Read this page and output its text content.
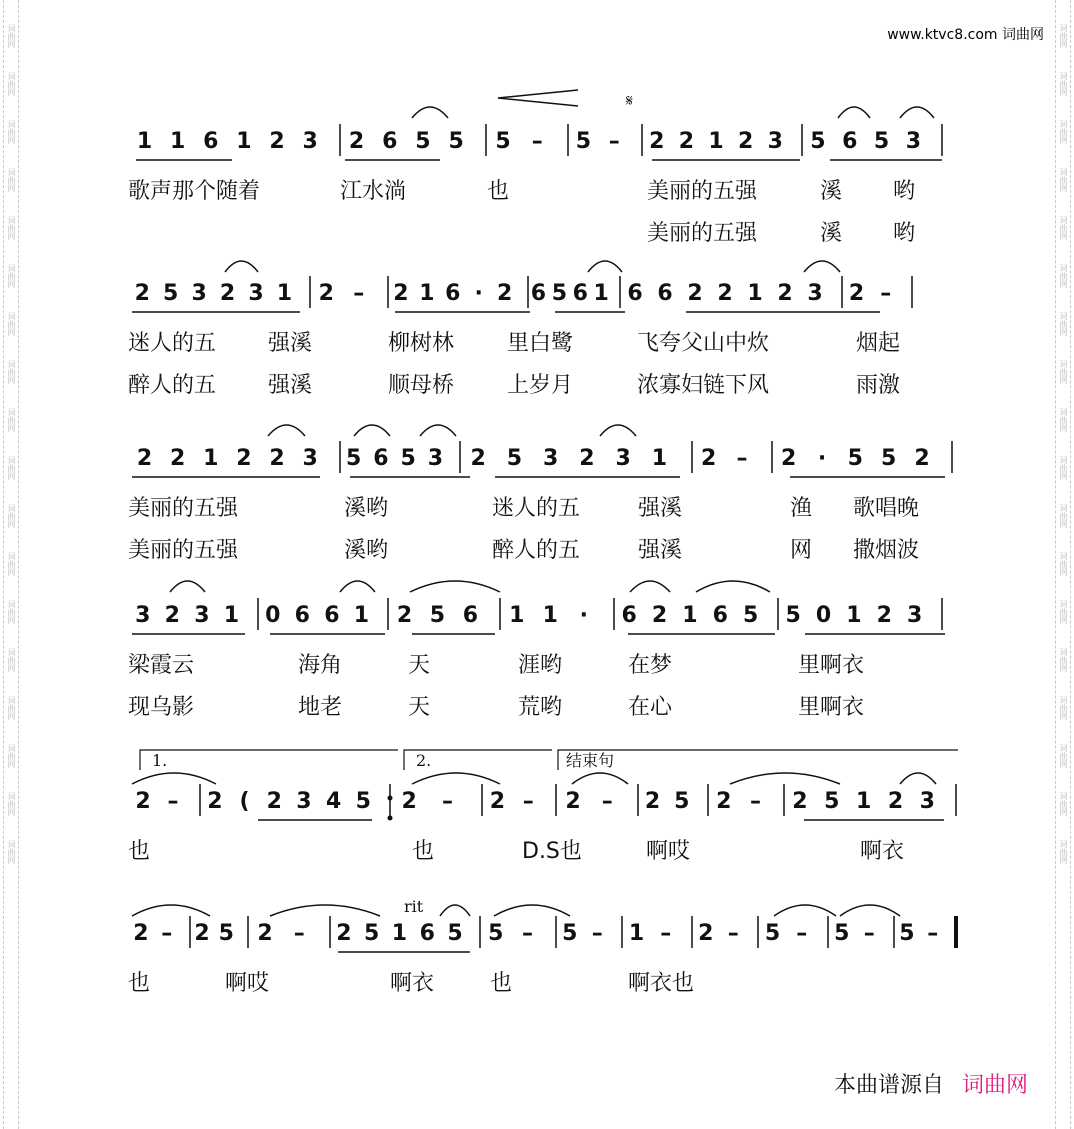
词曲网
词曲网
词曲网
词曲网
词曲网
词曲网
词曲网
词曲网
词曲网
词曲网
词曲网
词曲网
词曲网
词曲网
词曲网
词曲网
词曲网
词曲网
词曲网
词曲网
词曲网
词曲网
词曲网
词曲网
词曲网
词曲网
词曲网
词曲网
词曲网
词曲网
词曲网
词曲网
词曲网
词曲网
词曲网
词曲网
www.ktvc8.com 词曲网
1 1 6 1 2 3 2 6 5 5 5 – 5 – 2 2 1 2 3 5 6 5 3
歌声那个随着	江水淌	也	美丽的五强	溪 哟
美丽的五强	溪 哟
2 5 3 2 3 1 2 – 2 1 6 · 2 6 5 6 1 6 6 2 2 1 2 3 2 –
迷人的五 强溪	柳树林 里白鹭	飞夸父山中炊	烟起
醉人的五 强溪	顺母桥 上岁月	浓寡妇链下风	雨激
2 2 1 2 2 3 5 6 5 3 2 5 3 2 3 1 2 – 2 · 5 5 2
美丽的五强	溪哟	迷人的五	强溪	渔 歌唱晚
美丽的五强	溪哟	醉人的五	强溪	网 撒烟波
3 2 3 1 0 6 6 1 2 5 6 1 1 · 6 2 1 6 5 5 0 1 2 3
梁霞云	海角	天	涯哟	在梦	里啊衣
现乌影	地老	天	荒哟	在心	里啊衣
2 – 2 ( 2 3 4 5 2 – 2 – 2 – 2 5 2 – 2 5 1 2 3
也	也	D.S也	啊哎	啊衣
2 – 2 5 2 – 2 5 1 6 5 5 – 5 – 1 – 2 – 5 – 5 – 5 –
也	啊哎	啊衣	也	啊衣也
𝄋
1.	2.	结束句
rit
本曲谱源自 词曲网
